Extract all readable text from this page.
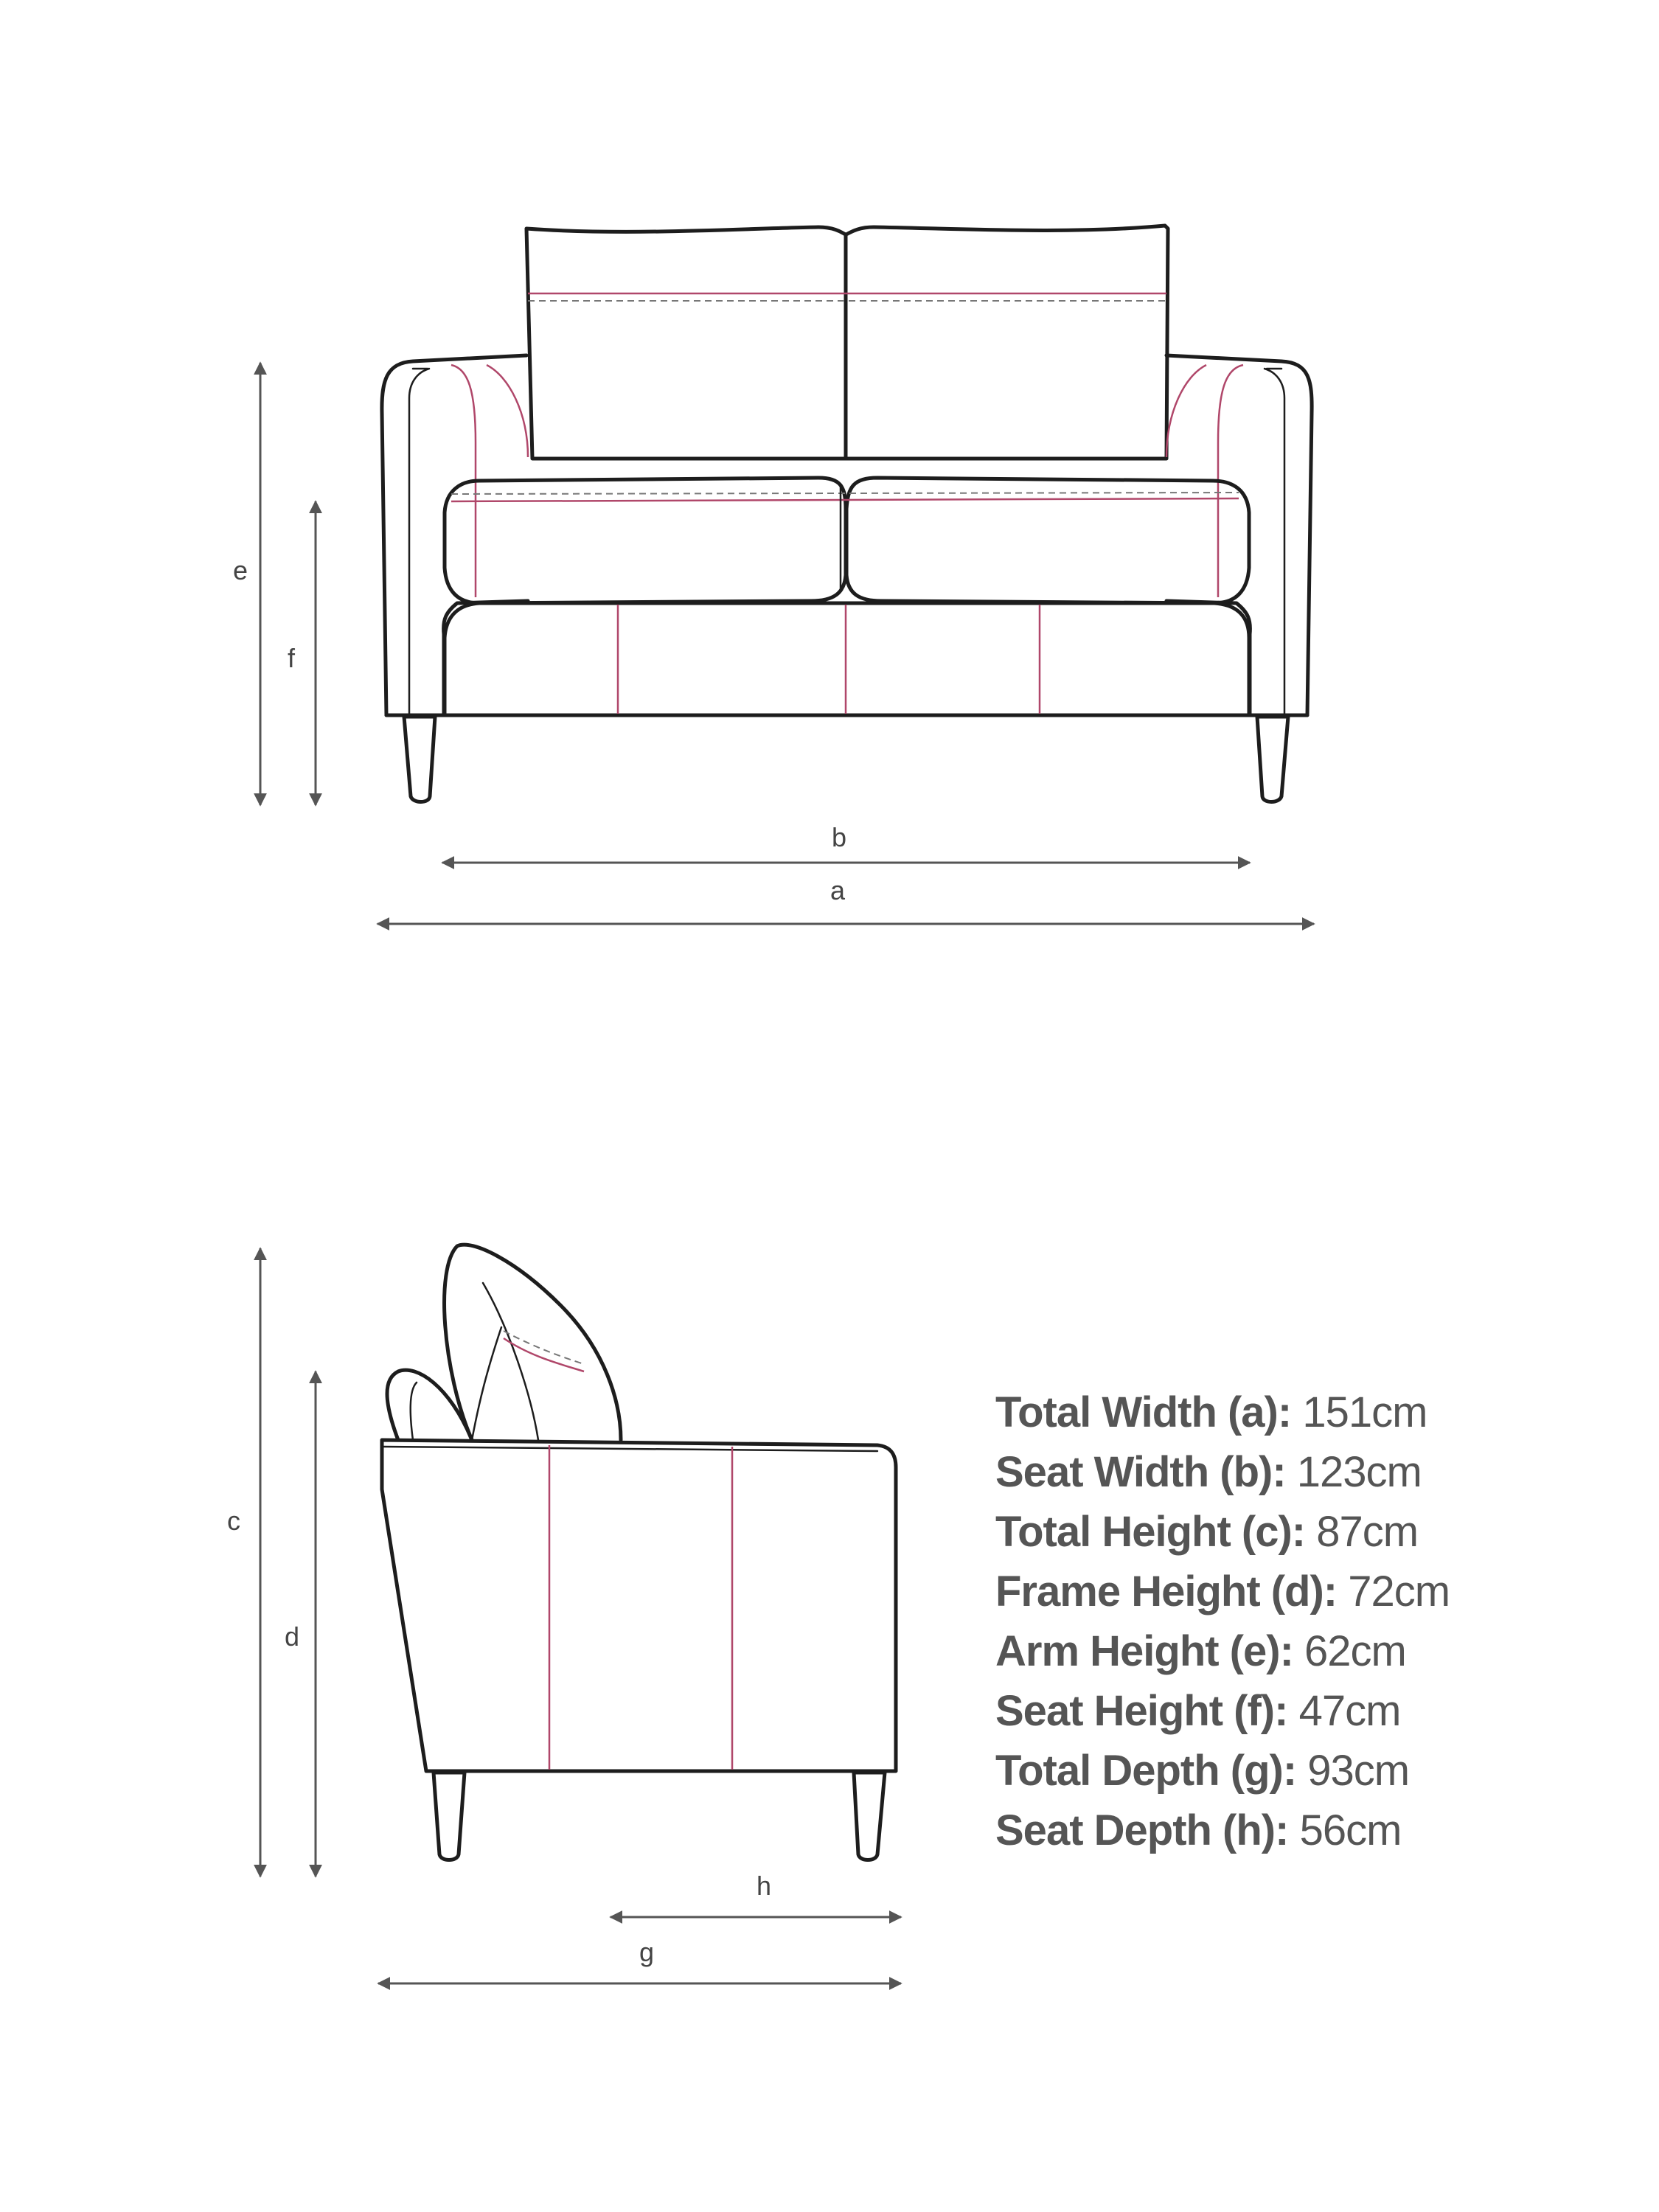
e
f
b
a
c
d
h
g
Total Width (a): 151cm
Seat Width (b): 123cm
Total Height (c): 87cm
Frame Height (d): 72cm
Arm Height (e): 62cm
Seat Height (f): 47cm
Total Depth (g): 93cm
Seat Depth (h): 56cm
